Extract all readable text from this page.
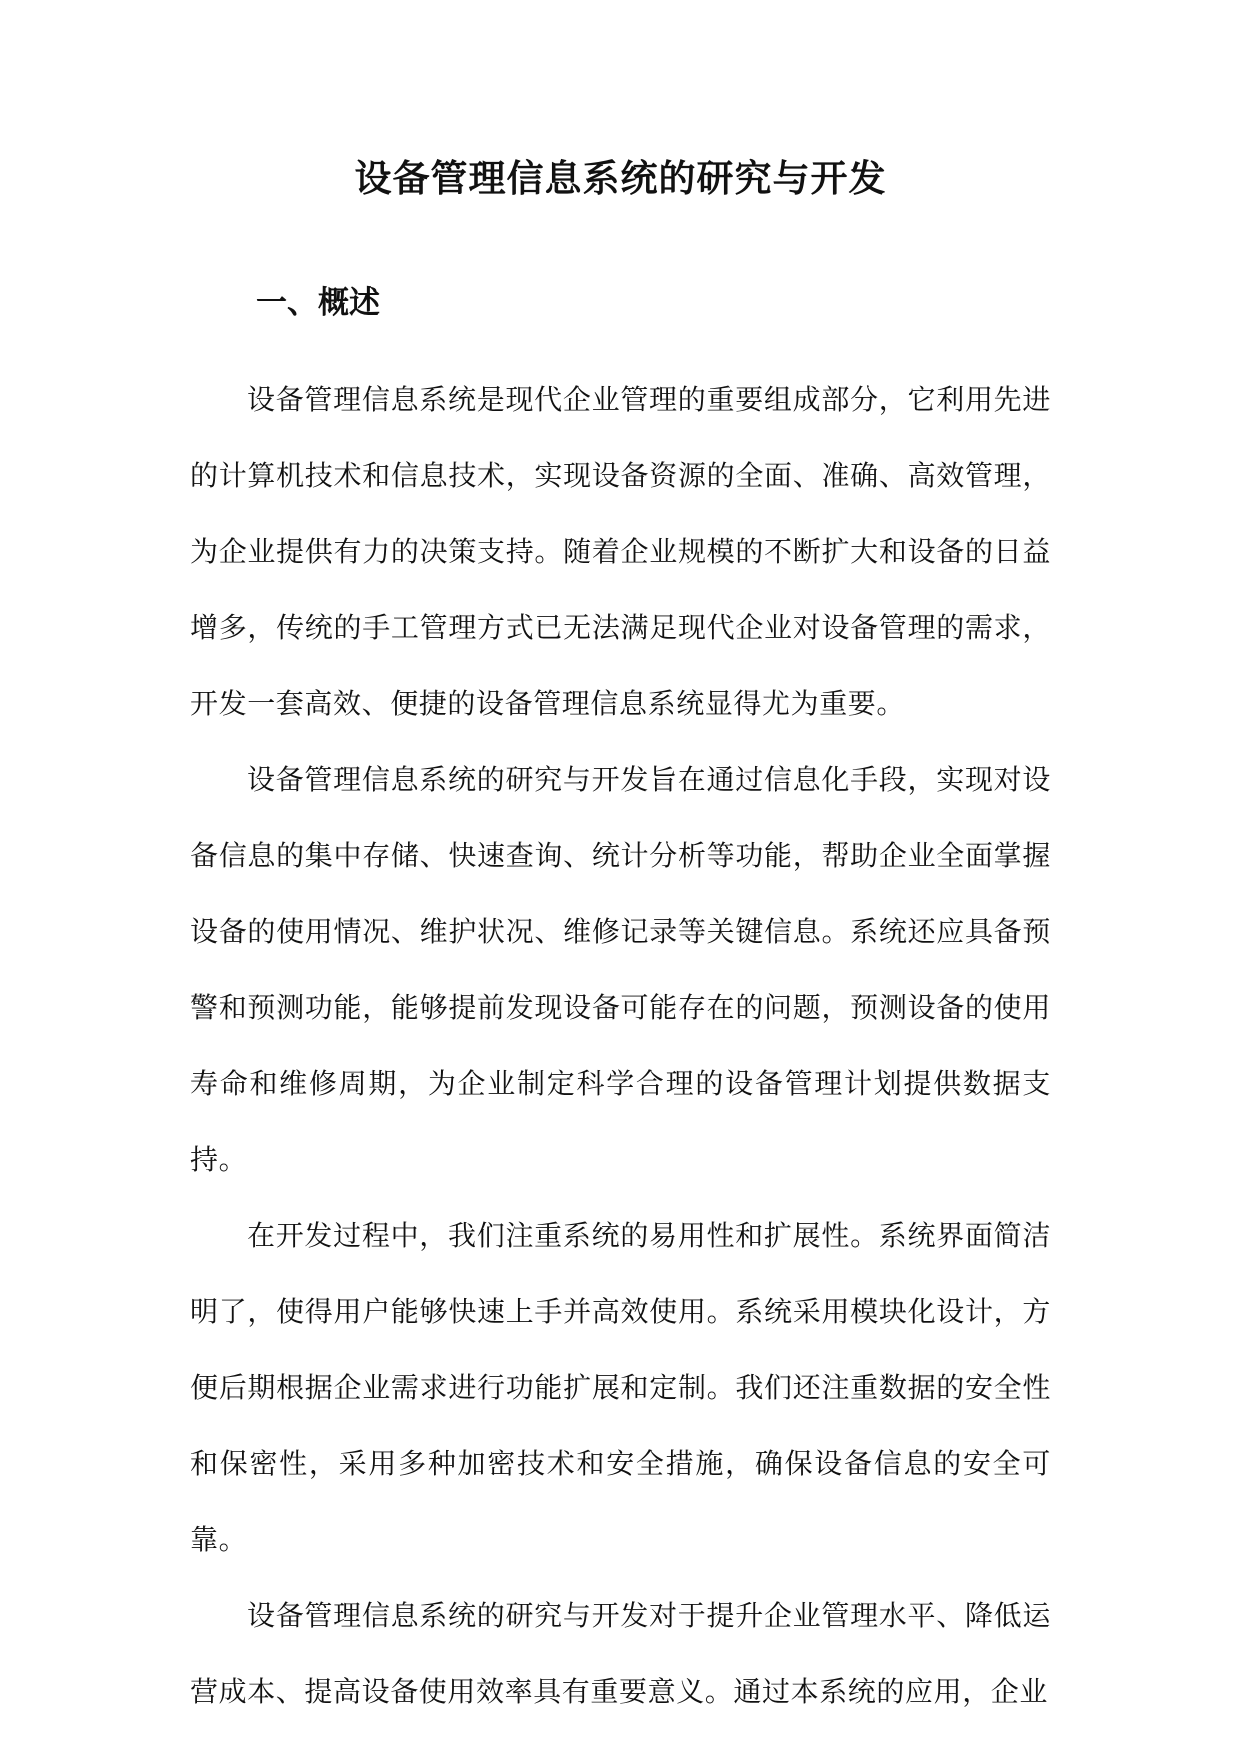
设备管理信息系统的研究与开发
一、概述

设备管理信息系统是现代企业管理的重要组成部分，它利用先进的计算机技术和信息技术，实现设备资源的全面、准确、高效管理，为企业提供有力的决策支持。随着企业规模的不断扩大和设备的日益增多，传统的手工管理方式已无法满足现代企业对设备管理的需求，开发一套高效、便捷的设备管理信息系统显得尤为重要。

设备管理信息系统的研究与开发旨在通过信息化手段，实现对设备信息的集中存储、快速查询、统计分析等功能，帮助企业全面掌握设备的使用情况、维护状况、维修记录等关键信息。系统还应具备预警和预测功能，能够提前发现设备可能存在的问题，预测设备的使用寿命和维修周期，为企业制定科学合理的设备管理计划提供数据支持。

在开发过程中，我们注重系统的易用性和扩展性。系统界面简洁明了，使得用户能够快速上手并高效使用。系统采用模块化设计，方便后期根据企业需求进行功能扩展和定制。我们还注重数据的安全性和保密性，采用多种加密技术和安全措施，确保设备信息的安全可靠。

设备管理信息系统的研究与开发对于提升企业管理水平、降低运营成本、提高设备使用效率具有重要意义。通过本系统的应用，企业
